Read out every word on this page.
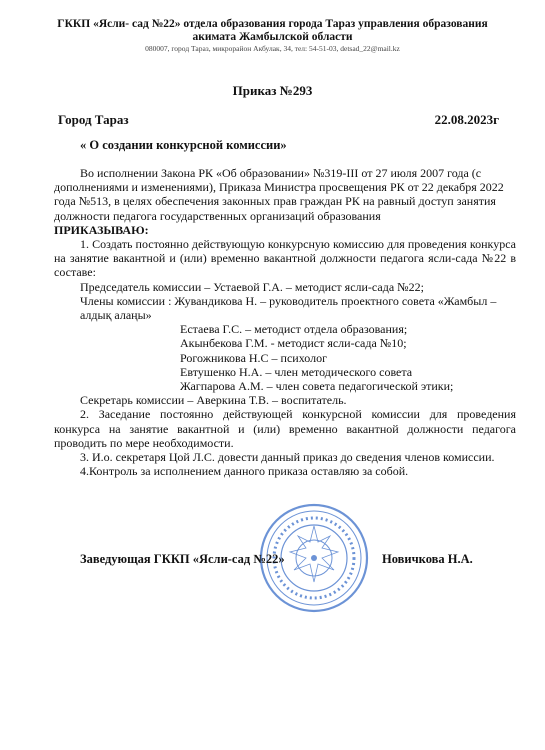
ГККП «Ясли- сад №22» отдела образования города Тараз управления образования

акимата Жамбылской области

080007, город Тараз, микрорайон Акбулак, 34, тел: 54-51-03, detsad_22@mail.kz

Приказ №293
Город Тараз	22.08.2023г
« О создании конкурсной комиссии»

Во исполнении Закона РК «Об образовании» №319-III от 27 июля 2007 года (с дополнениями и изменениями), Приказа Министра просвещения РК от 22 декабря 2022 года №513, в целях обеспечения законных прав граждан РК на равный доступ занятия должности педагога государственных организаций образования

ПРИКАЗЫВАЮ:

1. Создать постоянно действующую конкурсную комиссию для проведения конкурса на занятие вакантной и (или) временно вакантной должности педагога ясли-сада №22 в составе:

Председатель комиссии – Устаевой Г.А. – методист ясли-сада №22;

Члены комиссии : Жувандикова Н. – руководитель проектного совета «Жамбыл – алдық алаңы»

Естаева Г.С. – методист отдела образования;

Акынбекова Г.М. - методист ясли-сада №10;

Рогожникова Н.С – психолог

Евтушенко Н.А. – член методического совета

Жагпарова А.М. – член совета педагогической этики;

Секретарь комиссии – Аверкина Т.В. – воспитатель.

2. Заседание постоянно действующей конкурсной комиссии для проведения конкурса на занятие вакантной и (или) временно вакантной должности педагога проводить по мере необходимости.

3. И.о. секретаря Цой Л.С. довести данный приказ до сведения членов комиссии.

4.Контроль за исполнением данного приказа оставляю за собой.

Заведующая ГККП «Ясли-сад №22»	Новичкова Н.А.
